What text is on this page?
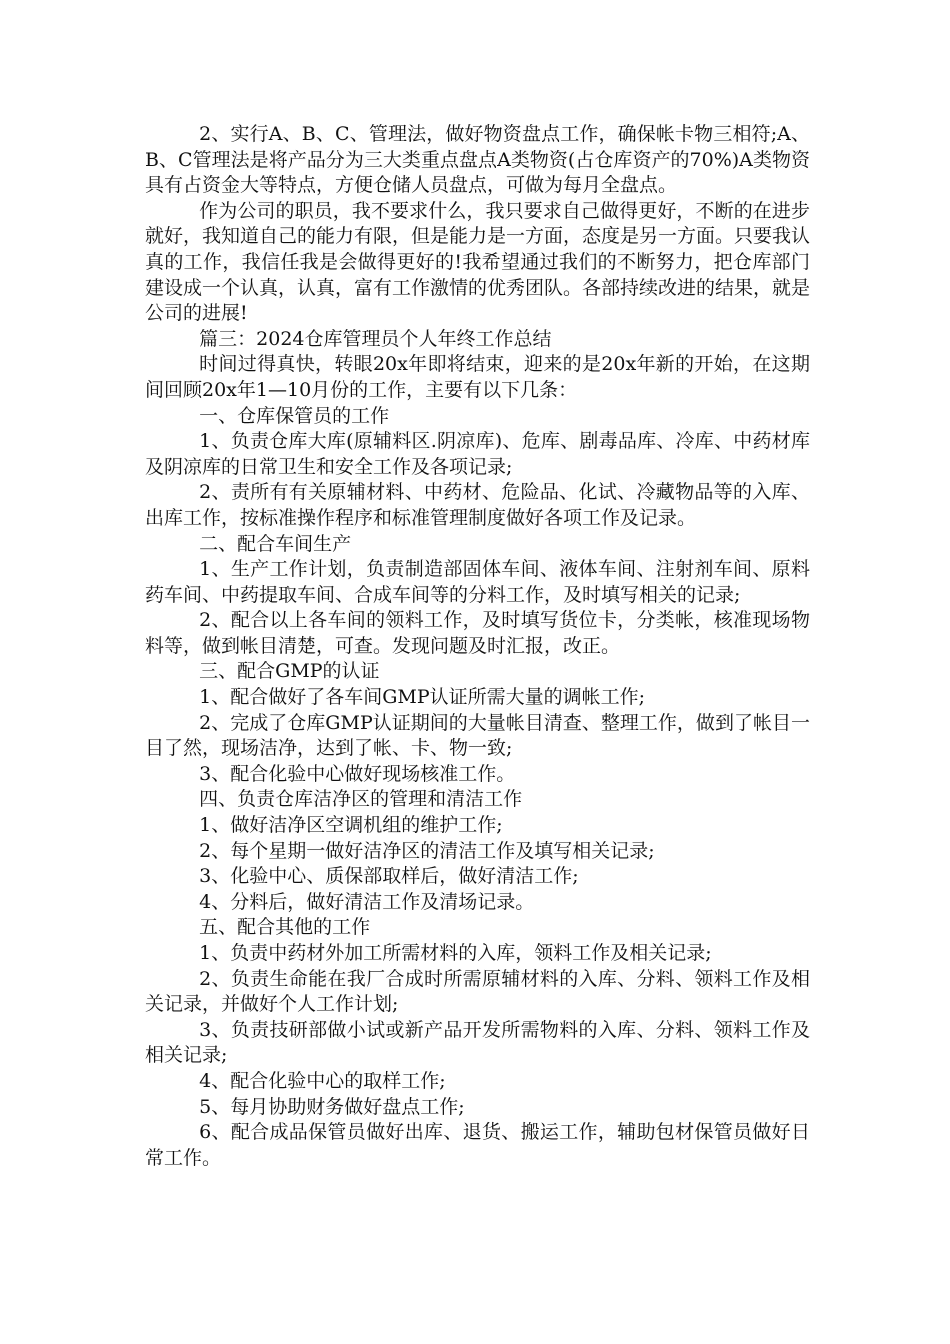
2、实行A、B、C、管理法，做好物资盘点工作，确保帐卡物三相符;A、B、C管理法是将产品分为三大类重点盘点A类物资(占仓库资产的70%)A类物资具有占资金大等特点，方便仓储人员盘点，可做为每月全盘点。

作为公司的职员，我不要求什么，我只要求自己做得更好，不断的在进步就好，我知道自己的能力有限，但是能力是一方面，态度是另一方面。只要我认真的工作，我信任我是会做得更好的!我希望通过我们的不断努力，把仓库部门建设成一个认真，认真，富有工作激情的优秀团队。各部持续改进的结果，就是公司的进展!

篇三：2024仓库管理员个人年终工作总结

时间过得真快，转眼20x年即将结束，迎来的是20x年新的开始，在这期间回顾20x年1—10月份的工作，主要有以下几条：

一、仓库保管员的工作

1、负责仓库大库(原辅料区.阴凉库)、危库、剧毒品库、冷库、中药材库及阴凉库的日常卫生和安全工作及各项记录;

2、责所有有关原辅材料、中药材、危险品、化试、冷藏物品等的入库、出库工作，按标准操作程序和标准管理制度做好各项工作及记录。

二、配合车间生产

1、生产工作计划，负责制造部固体车间、液体车间、注射剂车间、原料药车间、中药提取车间、合成车间等的分料工作，及时填写相关的记录;

2、配合以上各车间的领料工作，及时填写货位卡，分类帐，核准现场物料等，做到帐目清楚，可查。发现问题及时汇报，改正。

三、配合GMP的认证

1、配合做好了各车间GMP认证所需大量的调帐工作;

2、完成了仓库GMP认证期间的大量帐目清查、整理工作，做到了帐目一目了然，现场洁净，达到了帐、卡、物一致;

3、配合化验中心做好现场核准工作。

四、负责仓库洁净区的管理和清洁工作

1、做好洁净区空调机组的维护工作;

2、每个星期一做好洁净区的清洁工作及填写相关记录;

3、化验中心、质保部取样后，做好清洁工作;

4、分料后，做好清洁工作及清场记录。

五、配合其他的工作

1、负责中药材外加工所需材料的入库，领料工作及相关记录;

2、负责生命能在我厂合成时所需原辅材料的入库、分料、领料工作及相关记录，并做好个人工作计划;

3、负责技研部做小试或新产品开发所需物料的入库、分料、领料工作及相关记录;

4、配合化验中心的取样工作;

5、每月协助财务做好盘点工作;

6、配合成品保管员做好出库、退货、搬运工作，辅助包材保管员做好日常工作。
